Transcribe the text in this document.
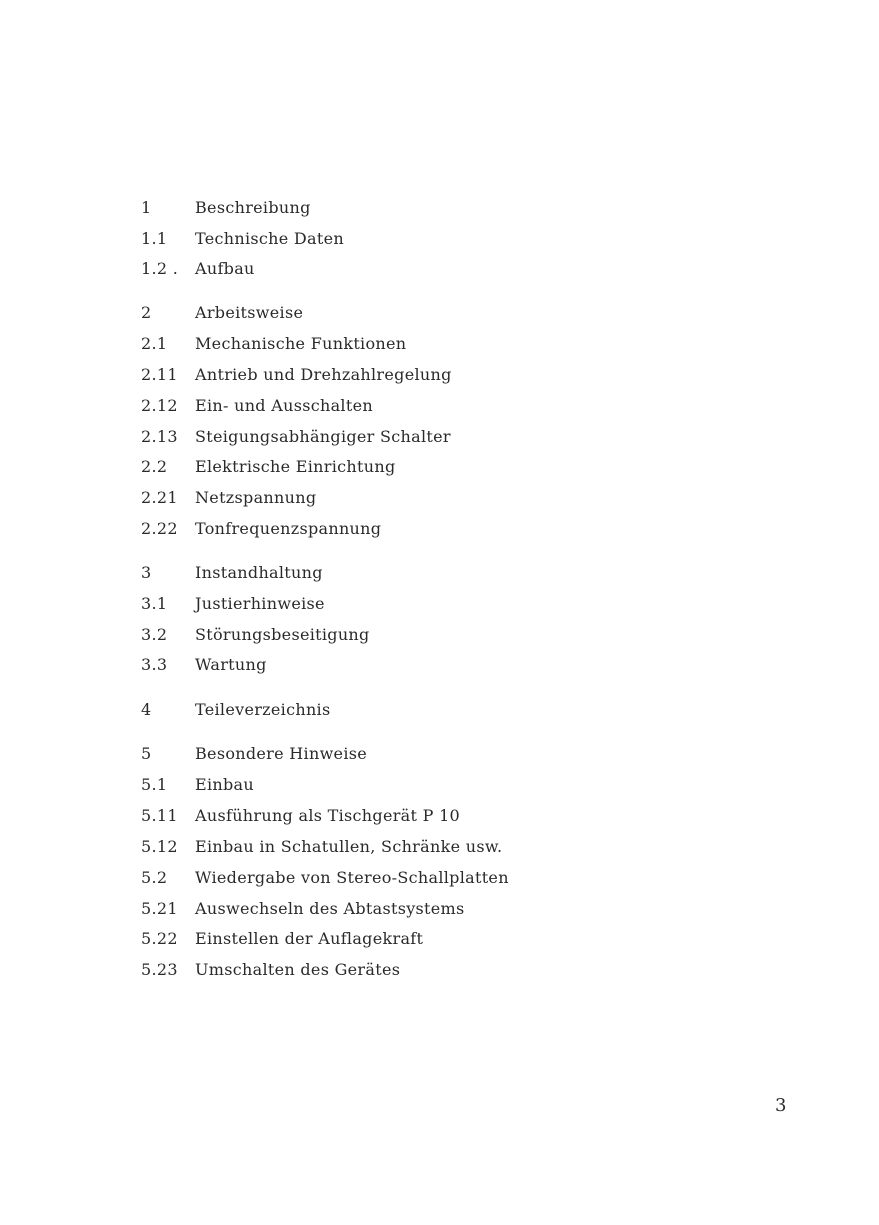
1	Beschreibung
1.1 Technische Daten
1.2 . Aufbau
2	Arbeitsweise
2.1 Mechanische Funktionen
2.11 Antrieb und Drehzahlregelung
2.12 Ein- und Ausschalten
2.13 Steigungsabhängiger Schalter
2.2 Elektrische Einrichtung
2.21 Netzspannung
2.22 Tonfrequenzspannung
3	Instandhaltung
3.1 Justierhinweise
3.2 Störungsbeseitigung
3.3 Wartung
4	Teileverzeichnis
5	Besondere Hinweise
5.1 Einbau
5.11 Ausführung als Tischgerät P 10
5.12 Einbau in Schatullen, Schränke usw.
5.2 Wiedergabe von Stereo-Schallplatten
5.21 Auswechseln des Abtastsystems
5.22 Einstellen der Auflagekraft
5.23 Umschalten des Gerätes
3
